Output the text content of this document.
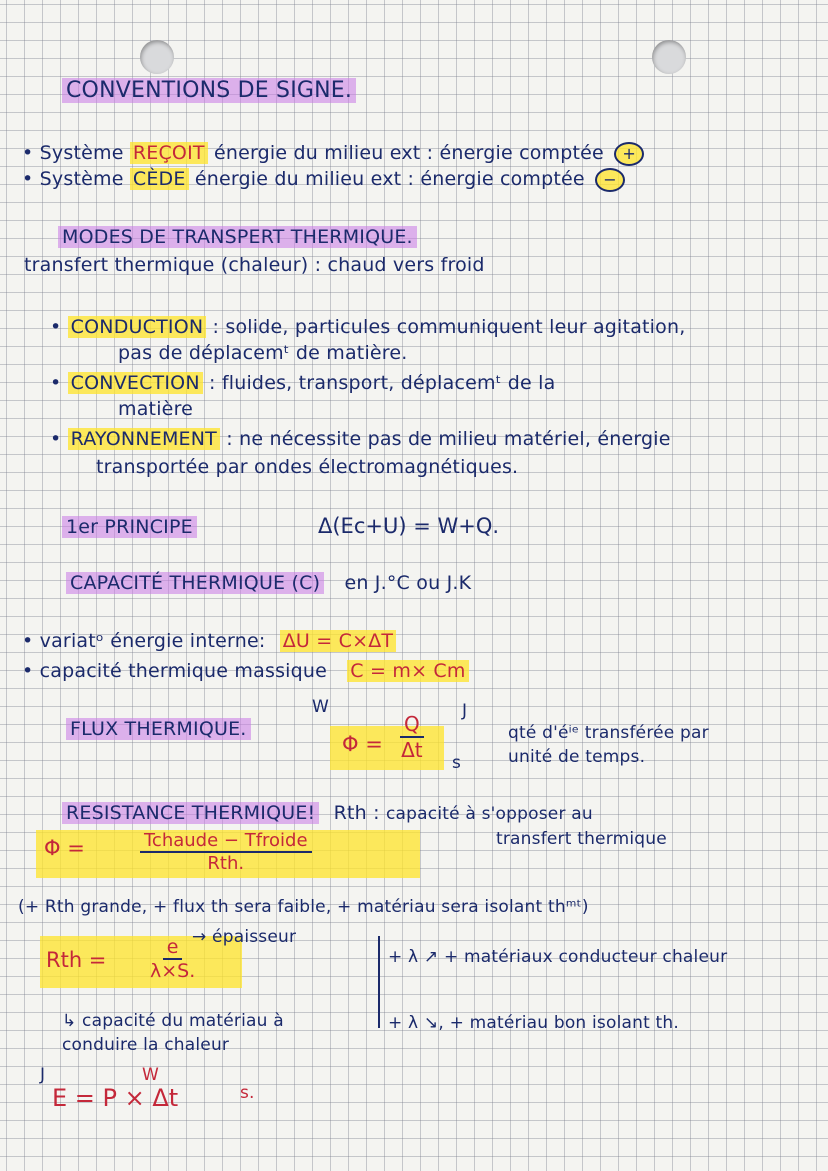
CONVENTIONS DE SIGNE.
• Système REÇOIT énergie du milieu ext : énergie comptée +
• Système CÈDE énergie du milieu ext : énergie comptée −
MODES DE TRANSPERT THERMIQUE.
transfert thermique (chaleur) : chaud vers froid
• CONDUCTION : solide, particules communiquent leur agitation,
pas de déplacemᵗ de matière.
• CONVECTION : fluides, transport, déplacemᵗ de la
matière
• RAYONNEMENT : ne nécessite pas de milieu matériel, énergie
transportée par ondes électromagnétiques.
1er PRINCIPE	Δ(Ec+U) = W+Q.
CAPACITÉ THERMIQUE (C) en J.°C ou J.K
• variatᵒ énergie interne: ΔU = C×ΔT
• capacité thermique massique C = m× Cm
W
FLUX THERMIQUE.
$\Phi = \frac{Q}{\Delta t}$
J
s
qté d'éⁱᵉ transférée par
unité de temps.
RESISTANCE THERMIQUE! Rth : capacité à s'opposer au
transfert thermique
Φ =	Tchaude − Tfroide
Rth.
(+ Rth grande, + flux th sera faible, + matériau sera isolant thᵐᵗ)
Rth = $\frac{e}{\lambda\times S.}$
→ épaisseur
↳ capacité du matériau à
conduire la chaleur
+ λ ↗ + matériaux conducteur chaleur
+ λ ↘, + matériau bon isolant th.
J	W
E = P × Δt	s.
